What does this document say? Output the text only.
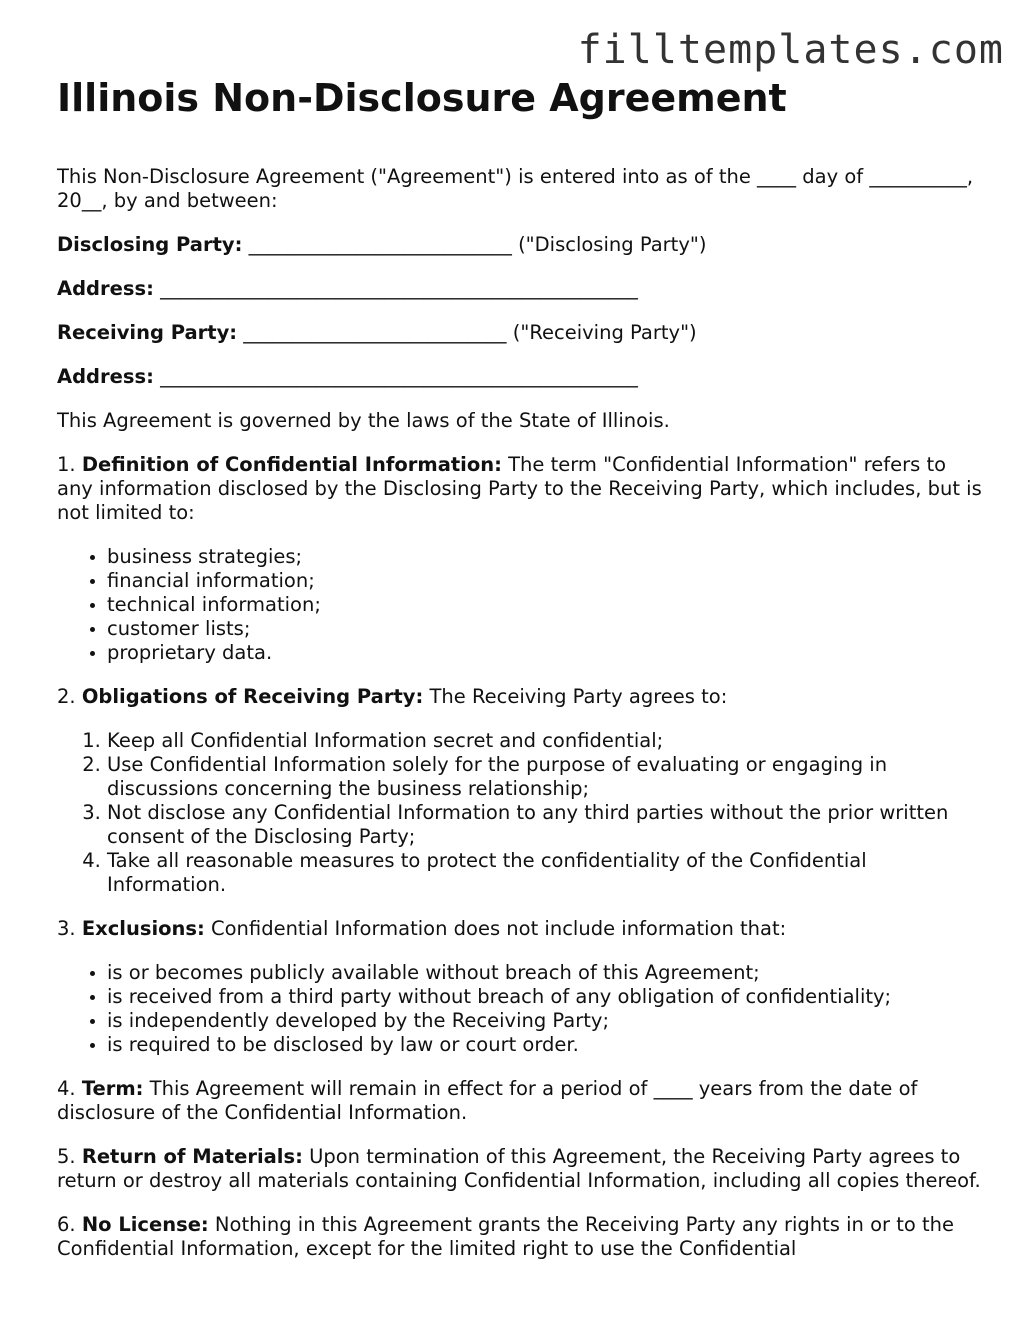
filltemplates.com
Illinois Non-Disclosure Agreement

This Non-Disclosure Agreement ("Agreement") is entered into as of the ____ day of __________, 20__, by and between:

Disclosing Party: ___________________________ ("Disclosing Party")

Address: _________________________________________________

Receiving Party: ___________________________ ("Receiving Party")

Address: _________________________________________________

This Agreement is governed by the laws of the State of Illinois.

1. Definition of Confidential Information: The term "Confidential Information" refers to any information disclosed by the Disclosing Party to the Receiving Party, which includes, but is not limited to:

• business strategies;
• financial information;
• technical information;
• customer lists;
• proprietary data.

2. Obligations of Receiving Party: The Receiving Party agrees to:

1. Keep all Confidential Information secret and confidential;
2. Use Confidential Information solely for the purpose of evaluating or engaging in discussions concerning the business relationship;
3. Not disclose any Confidential Information to any third parties without the prior written consent of the Disclosing Party;
4. Take all reasonable measures to protect the confidentiality of the Confidential Information.

3. Exclusions: Confidential Information does not include information that:

• is or becomes publicly available without breach of this Agreement;
• is received from a third party without breach of any obligation of confidentiality;
• is independently developed by the Receiving Party;
• is required to be disclosed by law or court order.

4. Term: This Agreement will remain in effect for a period of ____ years from the date of disclosure of the Confidential Information.

5. Return of Materials: Upon termination of this Agreement, the Receiving Party agrees to return or destroy all materials containing Confidential Information, including all copies thereof.

6. No License: Nothing in this Agreement grants the Receiving Party any rights in or to the Confidential Information, except for the limited right to use the Confidential
